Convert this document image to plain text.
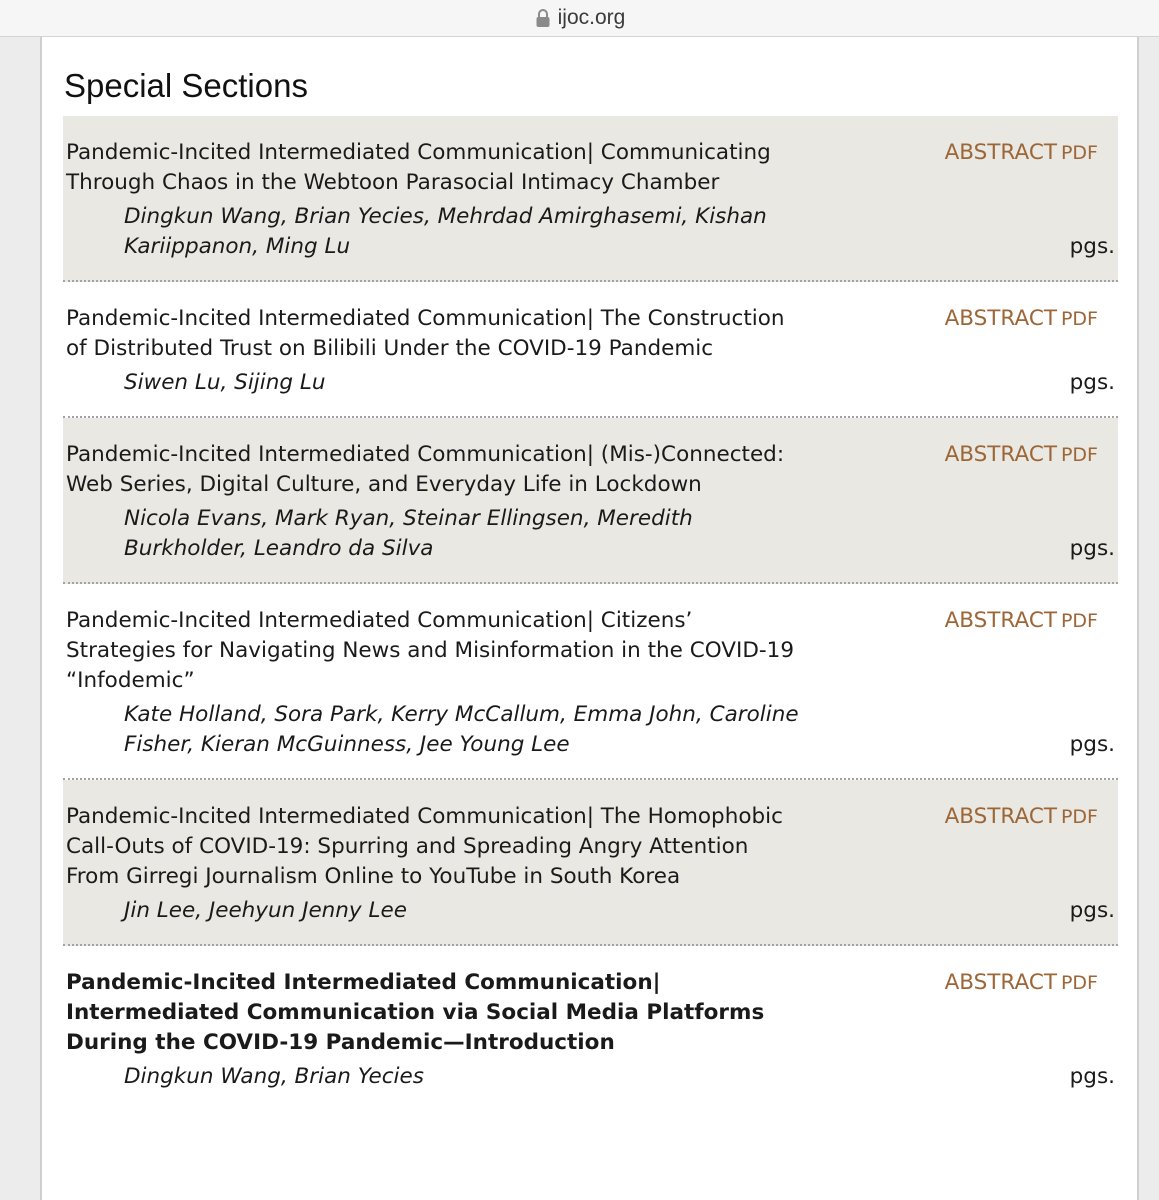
ijoc.org
Special Sections

Pandemic-Incited Intermediated Communication| Communicating Through Chaos in the Webtoon Parasocial Intimacy Chamber

ABSTRACT PDF
Dingkun Wang, Brian Yecies, Mehrdad Amirghasemi, Kishan Kariippanon, Ming Lu	pgs.

Pandemic-Incited Intermediated Communication| The Construction of Distributed Trust on Bilibili Under the COVID-19 Pandemic

ABSTRACT PDF
Siwen Lu, Sijing Lu	pgs.

Pandemic-Incited Intermediated Communication| (Mis-)Connected: Web Series, Digital Culture, and Everyday Life in Lockdown

ABSTRACT PDF
Nicola Evans, Mark Ryan, Steinar Ellingsen, Meredith Burkholder, Leandro da Silva	pgs.

Pandemic-Incited Intermediated Communication| Citizens’ Strategies for Navigating News and Misinformation in the COVID-19 “Infodemic”

ABSTRACT PDF
Kate Holland, Sora Park, Kerry McCallum, Emma John, Caroline Fisher, Kieran McGuinness, Jee Young Lee	pgs.

Pandemic-Incited Intermediated Communication| The Homophobic Call-Outs of COVID-19: Spurring and Spreading Angry Attention From Girregi Journalism Online to YouTube in South Korea

ABSTRACT PDF
Jin Lee, Jeehyun Jenny Lee	pgs.

Pandemic-Incited Intermediated Communication| Intermediated Communication via Social Media Platforms During the COVID-19 Pandemic—Introduction

ABSTRACT PDF
Dingkun Wang, Brian Yecies	pgs.
